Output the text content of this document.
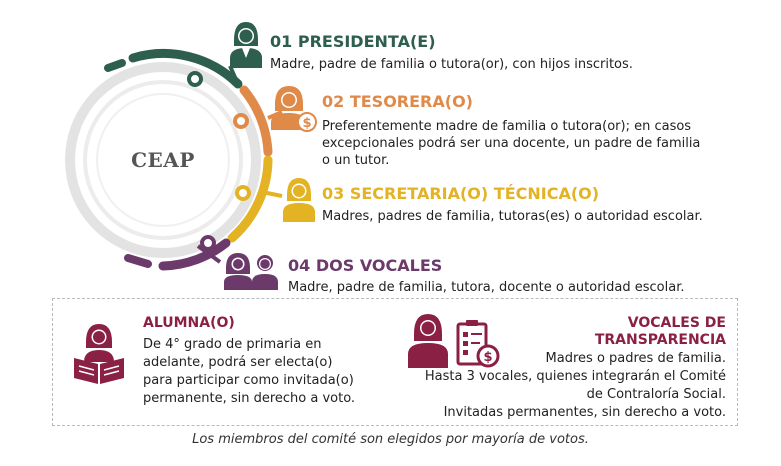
CEAP
01 PRESIDENTA(E)
Madre, padre de familia o tutora(or), con hijos inscritos.
$
02 TESORERA(O)
Preferentemente madre de familia o tutora(or); en casos
excepcionales podrá ser una docente, un padre de familia
o un tutor.
03 SECRETARIA(O) TÉCNICA(O)
Madres, padres de familia, tutoras(es) o autoridad escolar.
04 DOS VOCALES
Madre, padre de familia, tutora, docente o autoridad escolar.
ALUMNA(O)
De 4° grado de primaria en
adelante, podrá ser electa(o)
para participar como invitada(o)
permanente, sin derecho a voto.
$
VOCALES DE
TRANSPARENCIA
Madres o padres de familia.
Hasta 3 vocales, quienes integrarán el Comité
de Contraloría Social.
Invitadas permanentes, sin derecho a voto.
Los miembros del comité son elegidos por mayoría de votos.
